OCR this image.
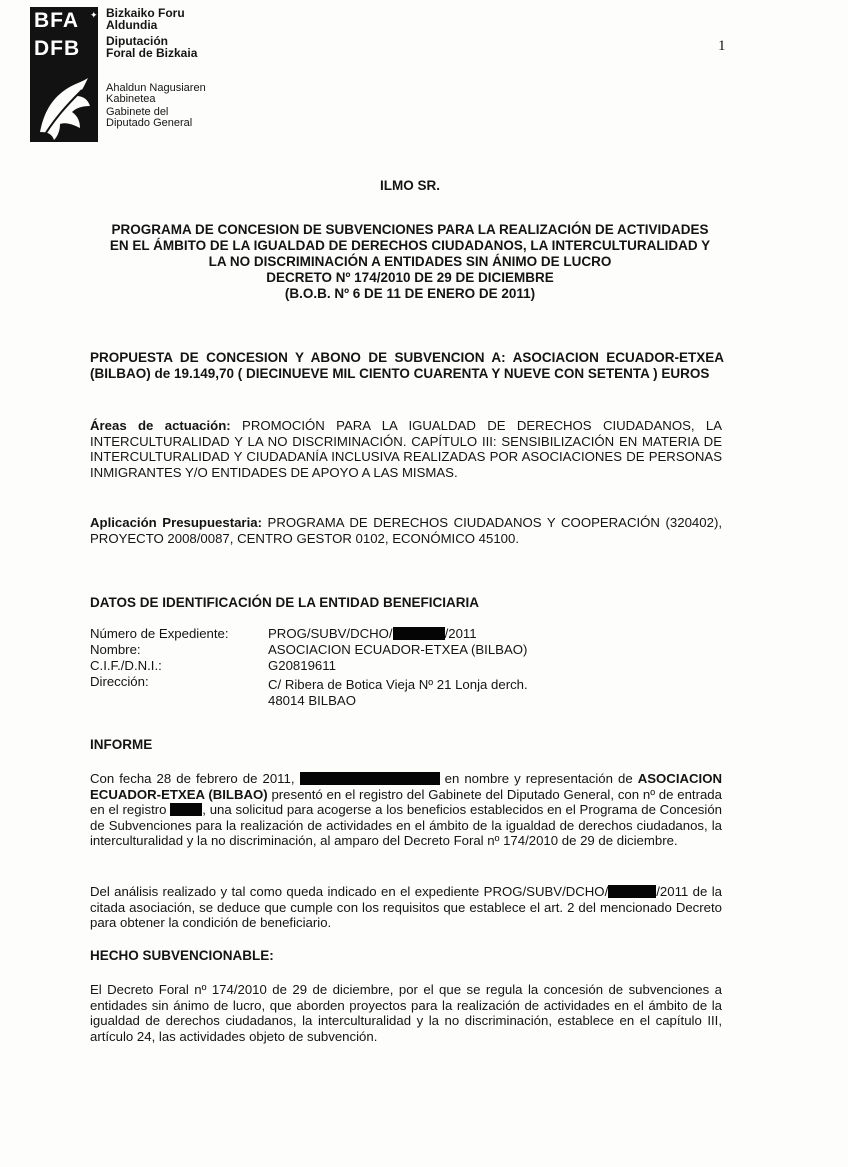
BFA ✦
DFB
Bizkaiko Foru
Aldundia
Diputación
Foral de Bizkaia
Ahaldun Nagusiaren
Kabinetea
Gabinete del
Diputado General
1
ILMO SR.
PROGRAMA DE CONCESION DE SUBVENCIONES PARA LA REALIZACIÓN DE ACTIVIDADES
EN EL ÁMBITO DE LA IGUALDAD DE DERECHOS CIUDADANOS, LA INTERCULTURALIDAD Y
LA NO DISCRIMINACIÓN A ENTIDADES SIN ÁNIMO DE LUCRO
DECRETO Nº 174/2010 DE 29 DE DICIEMBRE
(B.O.B. Nº 6 DE 11 DE ENERO DE 2011)
PROPUESTA DE CONCESION Y ABONO DE SUBVENCION A: ASOCIACION ECUADOR-ETXEA (BILBAO) de 19.149,70 ( DIECINUEVE MIL CIENTO CUARENTA Y NUEVE CON SETENTA ) EUROS
Áreas de actuación: PROMOCIÓN PARA LA IGUALDAD DE DERECHOS CIUDADANOS, LA INTERCULTURALIDAD Y LA NO DISCRIMINACIÓN. CAPÍTULO III: SENSIBILIZACIÓN EN MATERIA DE INTERCULTURALIDAD Y CIUDADANÍA INCLUSIVA REALIZADAS POR ASOCIACIONES DE PERSONAS INMIGRANTES Y/O ENTIDADES DE APOYO A LAS MISMAS.
Aplicación Presupuestaria: PROGRAMA DE DERECHOS CIUDADANOS Y COOPERACIÓN (320402), PROYECTO 2008/0087, CENTRO GESTOR 0102, ECONÓMICO 45100.
DATOS DE IDENTIFICACIÓN DE LA ENTIDAD BENEFICIARIA
Número de Expediente:	PROG/SUBV/DCHO/	/2011
Nombre:	ASOCIACION ECUADOR-ETXEA (BILBAO)
C.I.F./D.N.I.:	G20819611
Dirección:	C/ Ribera de Botica Vieja Nº 21 Lonja derch.
48014 BILBAO
INFORME
Con fecha 28 de febrero de 2011,	en nombre y representación de ASOCIACION ECUADOR-ETXEA (BILBAO) presentó en el registro del Gabinete del Diputado General, con nº de entrada en el registro , una solicitud para acogerse a los beneficios establecidos en el Programa de Concesión de Subvenciones para la realización de actividades en el ámbito de la igualdad de derechos ciudadanos, la interculturalidad y la no discriminación, al amparo del Decreto Foral nº 174/2010 de 29 de diciembre.
Del análisis realizado y tal como queda indicado en el expediente PROG/SUBV/DCHO/	/2011 de la citada asociación, se deduce que cumple con los requisitos que establece el art. 2 del mencionado Decreto para obtener la condición de beneficiario.
HECHO SUBVENCIONABLE:
El Decreto Foral nº 174/2010 de 29 de diciembre, por el que se regula la concesión de subvenciones a entidades sin ánimo de lucro, que aborden proyectos para la realización de actividades en el ámbito de la igualdad de derechos ciudadanos, la interculturalidad y la no discriminación, establece en el capítulo III, artículo 24, las actividades objeto de subvención.
